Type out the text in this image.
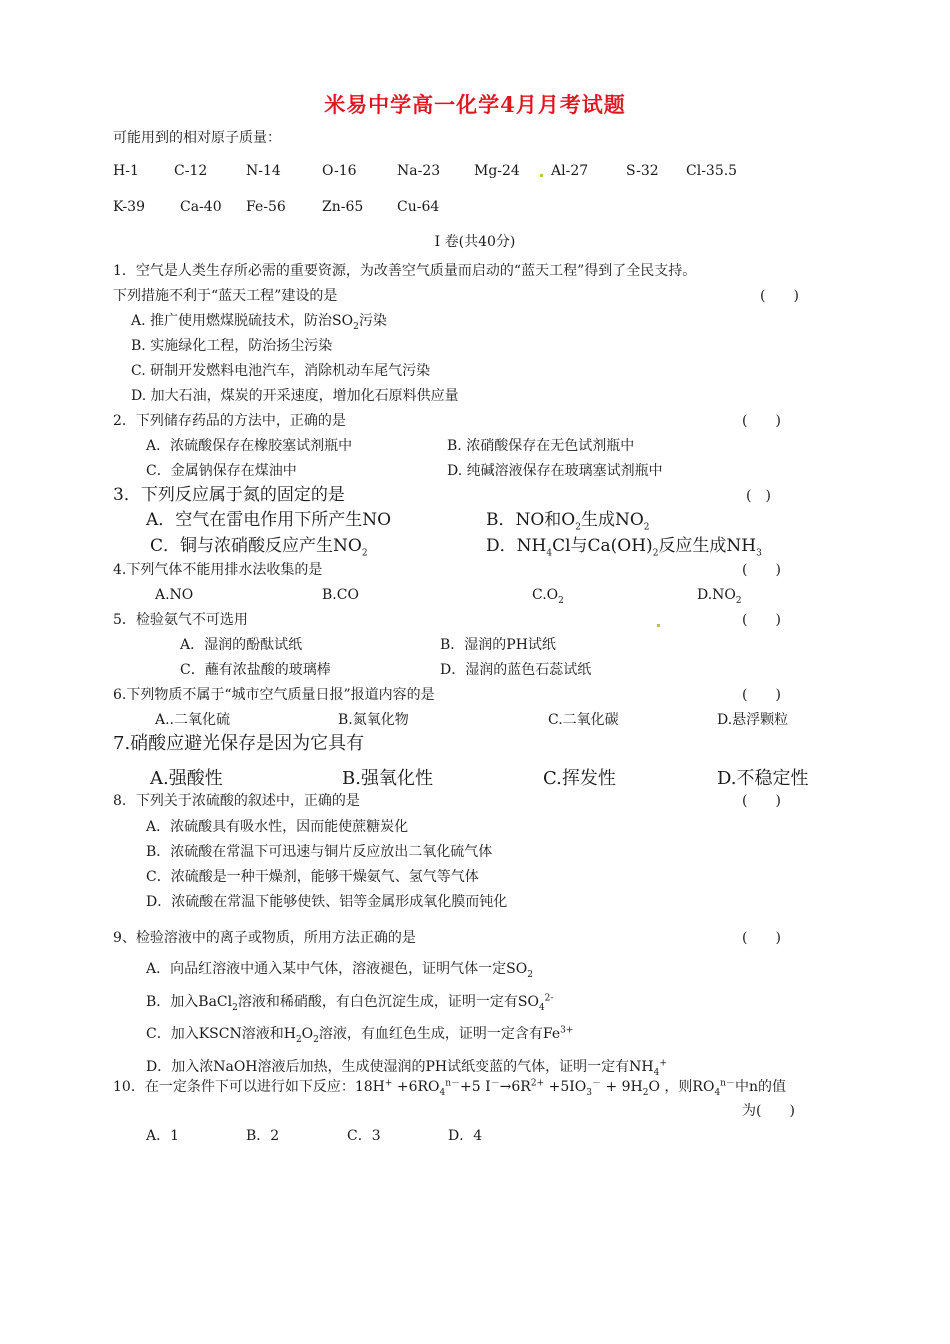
米易中学高一化学4月月考试题
可能用到的相对原子质量：
H-1	C-12	N-14	O-16	Na-23 Mg-24 Al-27	S-32 Cl-35.5
K-39	Ca-40 Fe-56	Zn-65 Cu-64
Ⅰ 卷(共40分)
1．空气是人类生存所必需的重要资源，为改善空气质量而启动的“蓝天工程”得到了全民支持。
下列措施不利于“蓝天工程”建设的是	(　　)
A. 推广使用燃煤脱硫技术，防治$SO_2$污染
B. 实施绿化工程，防治扬尘污染
C. 研制开发燃料电池汽车，消除机动车尾气污染
D. 加大石油，煤炭的开采速度，增加化石原料供应量
2．下列储存药品的方法中，正确的是	(　　)
A．浓硫酸保存在橡胶塞试剂瓶中	B. 浓硝酸保存在无色试剂瓶中
C．金属钠保存在煤油中	D. 纯碱溶液保存在玻璃塞试剂瓶中
3．下列反应属于氮的固定的是	(　)
A．空气在雷电作用下所产生NO	B．NO和$O_2$生成$NO_2$
C．铜与浓硝酸反应产生$NO_2$	D．$NH_4Cl$与$Ca(OH)_2$反应生成$NH_3$
4.下列气体不能用排水法收集的是	(　　)
A.NO	B.CO	$C.O_2$	$D.NO_2$
5．检验氨气不可选用	(　　)
A．湿润的酚酞试纸	B．湿润的PH试纸
C．蘸有浓盐酸的玻璃棒	D．湿润的蓝色石蕊试纸
6.下列物质不属于“城市空气质量日报”报道内容的是	(　　)
A..二氧化硫	B.氮氧化物	C.二氧化碳	D.悬浮颗粒
7.硝酸应避光保存是因为它具有
A.强酸性	B.强氧化性	C.挥发性	D.不稳定性
8．下列关于浓硫酸的叙述中，正确的是	(　　)
A．浓硫酸具有吸水性，因而能使蔗糖炭化
B．浓硫酸在常温下可迅速与铜片反应放出二氧化硫气体
C．浓硫酸是一种干燥剂，能够干燥氨气、氢气等气体
D．浓硫酸在常温下能够使铁、铝等金属形成氧化膜而钝化
9、检验溶液中的离子或物质，所用方法正确的是	(　　)
A．向品红溶液中通入某中气体，溶液褪色，证明气体一定$SO_2$
B．加入BaCl$_2$溶液和稀硝酸，有白色沉淀生成，证明一定有$SO_4^{2-}$
C．加入KSCN溶液和$H_2O_2$溶液，有血红色生成，证明一定含有$Fe^{3+}$
D．加入浓NaOH溶液后加热，生成使湿润的PH试纸变蓝的气体，证明一定有$NH_4^+$
10．在一定条件下可以进行如下反应：$18H^+ +6RO_4^{n-}+5$ $I^-\to 6R^{2+} +5IO_3^- + 9H_2O$ ，则$RO_4^{n-}$中n的值
为(　　)
A．1	B．2	C．3	D．4
